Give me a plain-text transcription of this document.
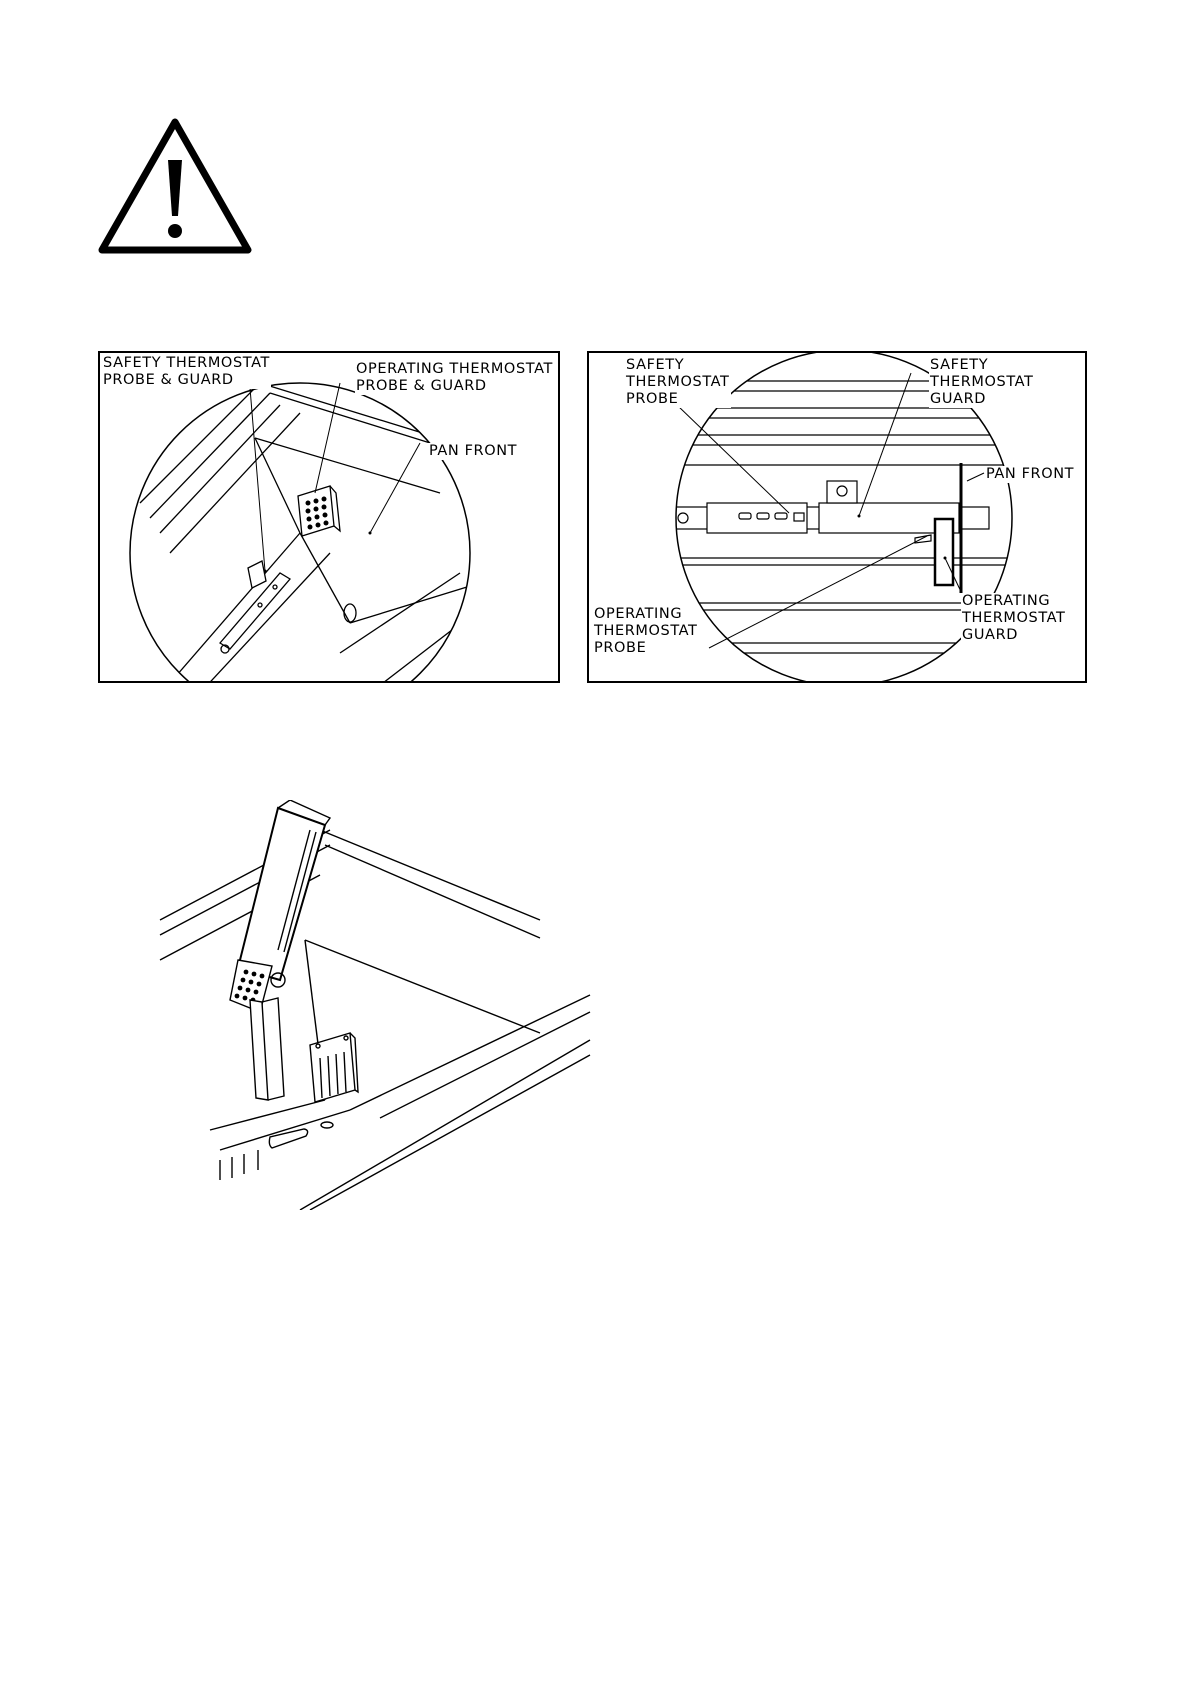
SAFETY THERMOSTAT
PROBE & GUARD
OPERATING THERMOSTAT
PROBE & GUARD
PAN FRONT
SAFETY
THERMOSTAT
PROBE
SAFETY
THERMOSTAT
GUARD
PAN FRONT
OPERATING
THERMOSTAT
PROBE
OPERATING
THERMOSTAT
GUARD
